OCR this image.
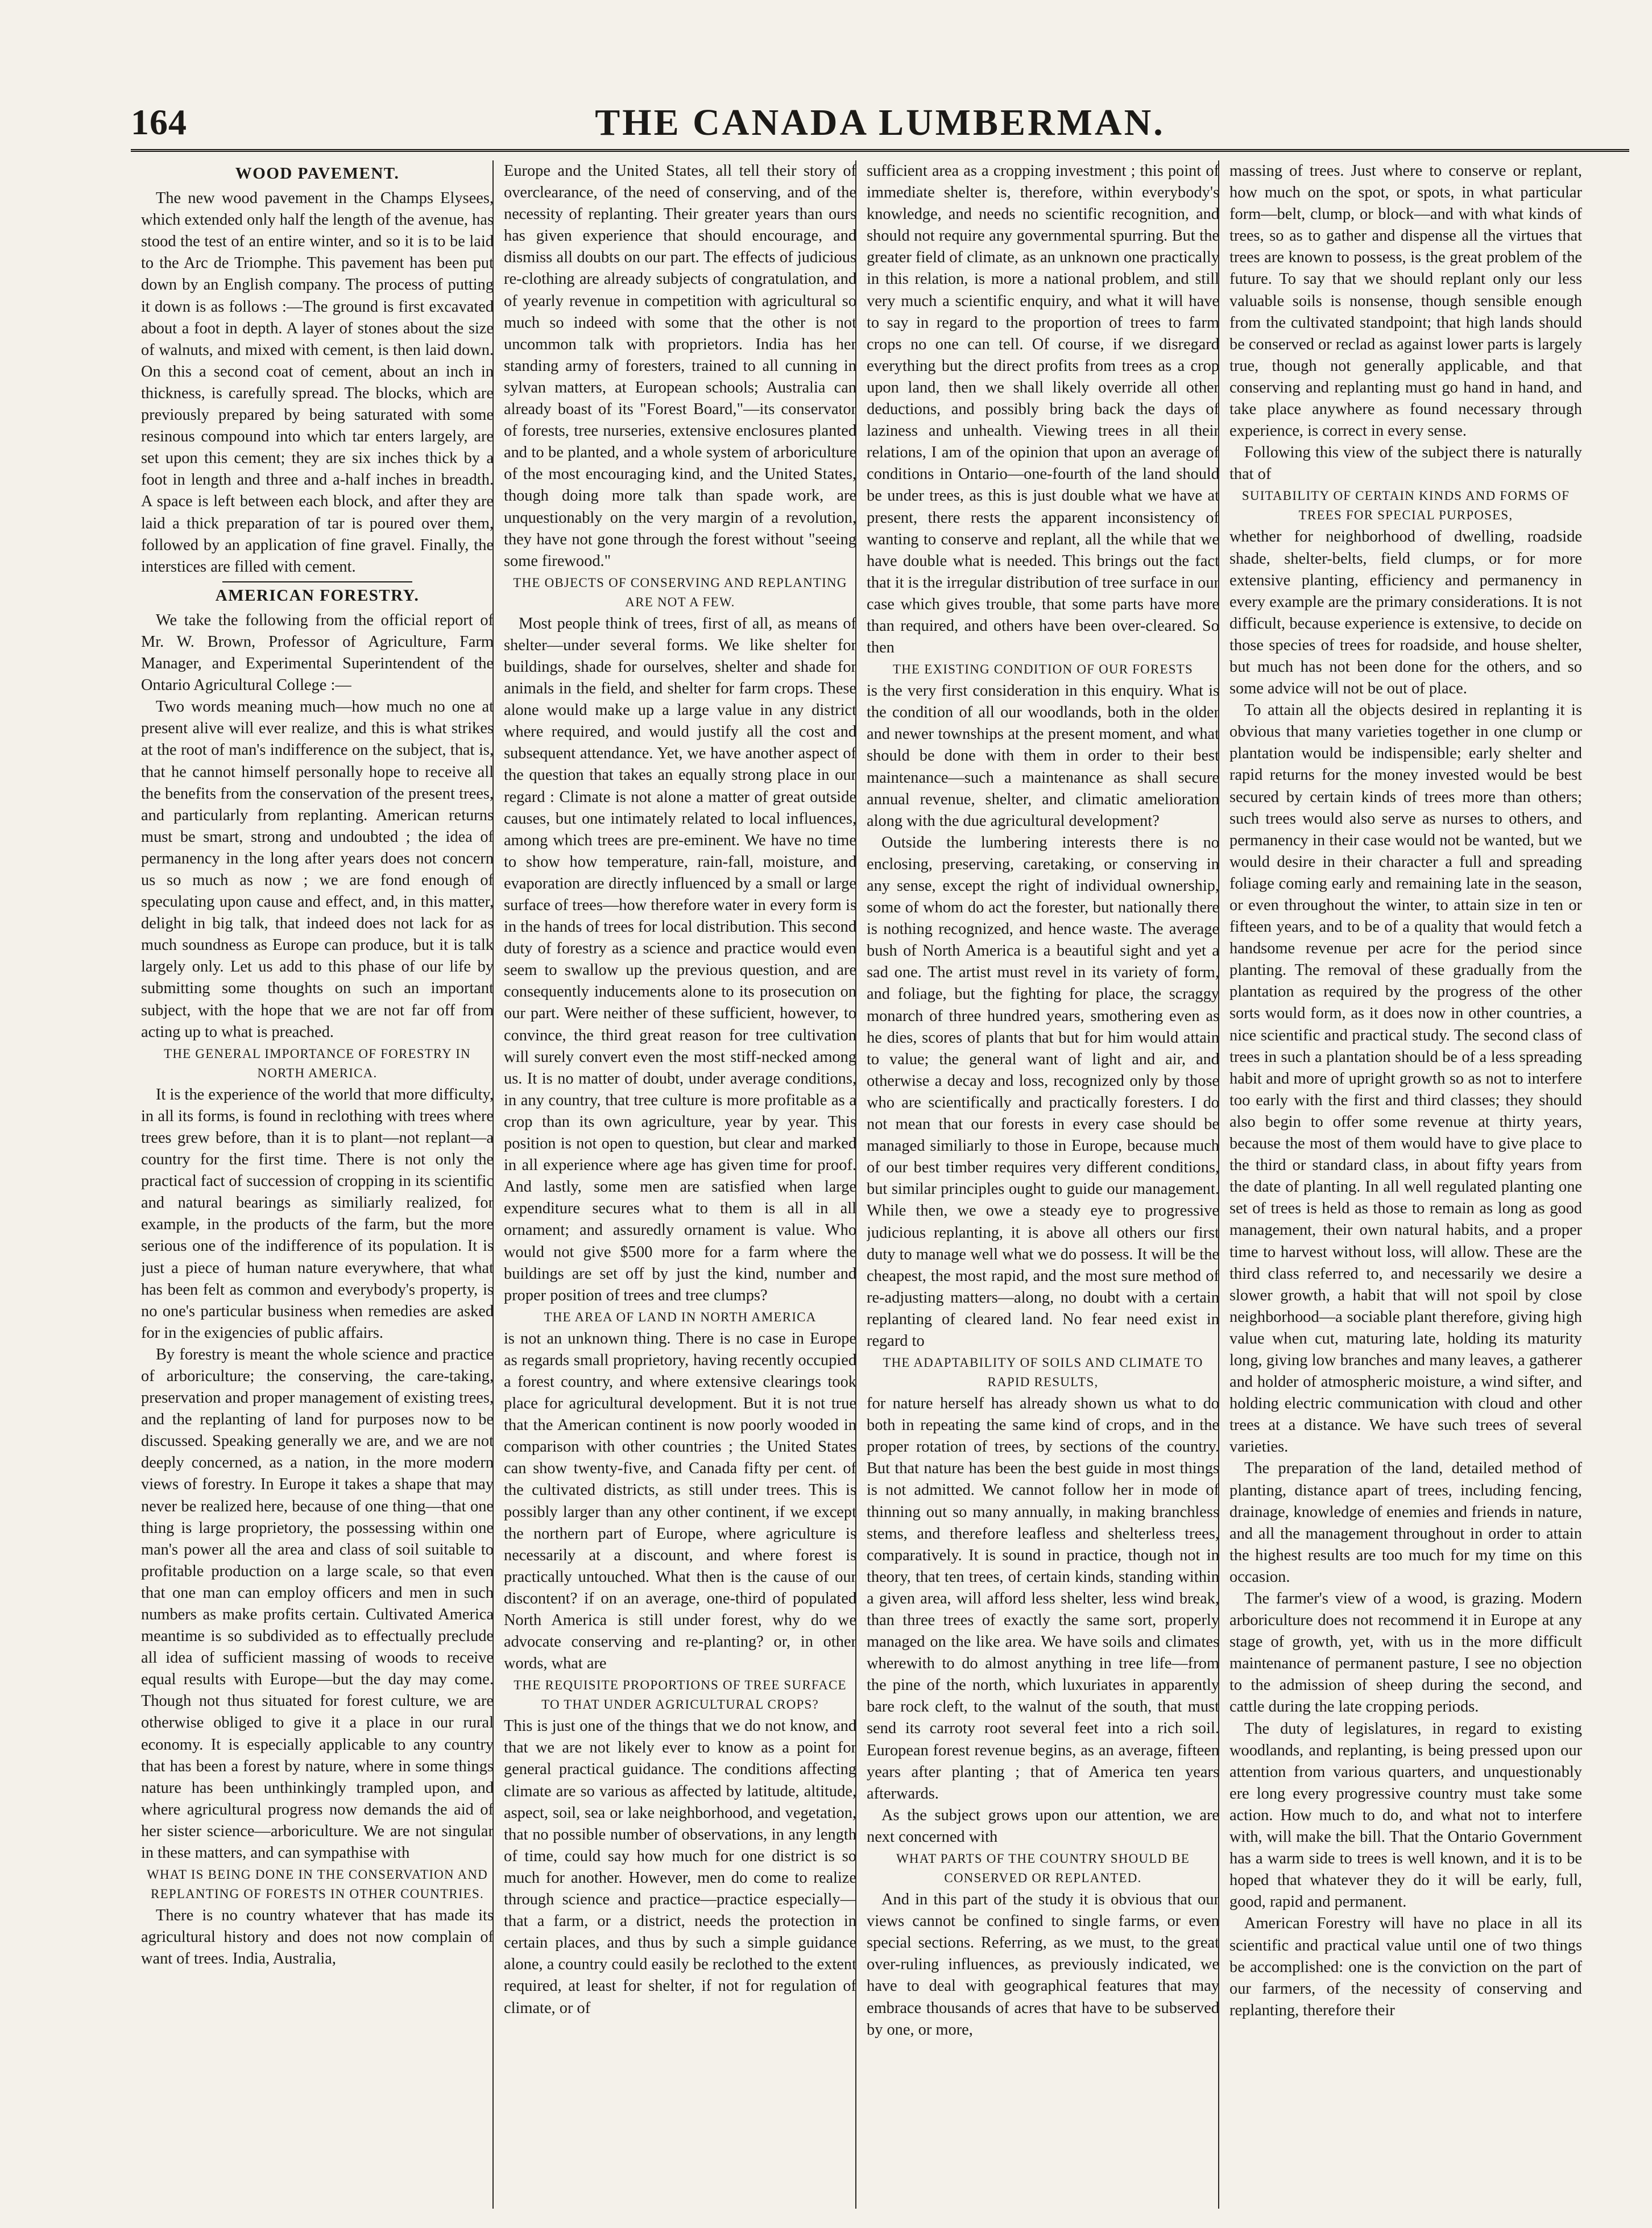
164	THE CANADA LUMBERMAN.
WOOD PAVEMENT.

The new wood pavement in the Champs Elysees, which extended only half the length of the avenue, has stood the test of an entire winter, and so it is to be laid to the Arc de Triomphe. This pavement has been put down by an English company. The process of putting it down is as follows :—The ground is first excavated about a foot in depth. A layer of stones about the size of walnuts, and mixed with cement, is then laid down. On this a second coat of cement, about an inch in thickness, is carefully spread. The blocks, which are previously prepared by being saturated with some resinous compound into which tar enters largely, are set upon this cement; they are six inches thick by a foot in length and three and a-half inches in breadth. A space is left between each block, and after they are laid a thick preparation of tar is poured over them, followed by an application of fine gravel. Finally, the interstices are filled with cement.

AMERICAN FORESTRY.

We take the following from the official report of Mr. W. Brown, Professor of Agriculture, Farm Manager, and Experimental Superintendent of the Ontario Agricultural College :—

Two words meaning much—how much no one at present alive will ever realize, and this is what strikes at the root of man's indifference on the subject, that is, that he cannot himself personally hope to receive all the benefits from the conservation of the present trees, and particularly from replanting. American returns must be smart, strong and undoubted ; the idea of permanency in the long after years does not concern us so much as now ; we are fond enough of speculating upon cause and effect, and, in this matter, delight in big talk, that indeed does not lack for as much soundness as Europe can produce, but it is talk largely only. Let us add to this phase of our life by submitting some thoughts on such an important subject, with the hope that we are not far off from acting up to what is preached.

THE GENERAL IMPORTANCE OF FORESTRY IN NORTH AMERICA.

It is the experience of the world that more difficulty, in all its forms, is found in reclothing with trees where trees grew before, than it is to plant—not replant—a country for the first time. There is not only the practical fact of succession of cropping in its scientific and natural bearings as similiarly realized, for example, in the products of the farm, but the more serious one of the indifference of its population. It is just a piece of human nature everywhere, that what has been felt as common and everybody's property, is no one's particular business when remedies are asked for in the exigencies of public affairs.

By forestry is meant the whole science and practice of arboriculture; the conserving, the care-taking, preservation and proper management of existing trees, and the replanting of land for purposes now to be discussed. Speaking generally we are, and we are not deeply concerned, as a nation, in the more modern views of forestry. In Europe it takes a shape that may never be realized here, because of one thing—that one thing is large proprietory, the possessing within one man's power all the area and class of soil suitable to profitable production on a large scale, so that even that one man can employ officers and men in such numbers as make profits certain. Cultivated America meantime is so subdivided as to effectually preclude all idea of sufficient massing of woods to receive equal results with Europe—but the day may come. Though not thus situated for forest culture, we are otherwise obliged to give it a place in our rural economy. It is especially applicable to any country that has been a forest by nature, where in some things nature has been unthinkingly trampled upon, and where agricultural progress now demands the aid of her sister science—arboriculture. We are not singular in these matters, and can sympathise with

WHAT IS BEING DONE IN THE CONSERVATION AND REPLANTING OF FORESTS IN OTHER COUNTRIES.

There is no country whatever that has made its agricultural history and does not now complain of want of trees. India, Australia,

Europe and the United States, all tell their story of overclearance, of the need of conserving, and of the necessity of replanting. Their greater years than ours has given experience that should encourage, and dismiss all doubts on our part. The effects of judicious re-clothing are already subjects of congratulation, and of yearly revenue in competition with agricultural so much so indeed with some that the other is not uncommon talk with proprietors. India has her standing army of foresters, trained to all cunning in sylvan matters, at European schools; Australia can already boast of its "Forest Board,"—its conservator of forests, tree nurseries, extensive enclosures planted and to be planted, and a whole system of arboriculture of the most encouraging kind, and the United States, though doing more talk than spade work, are unquestionably on the very margin of a revolution, they have not gone through the forest without "seeing some firewood."

THE OBJECTS OF CONSERVING AND REPLANTING ARE NOT A FEW.

Most people think of trees, first of all, as means of shelter—under several forms. We like shelter for buildings, shade for ourselves, shelter and shade for animals in the field, and shelter for farm crops. These alone would make up a large value in any district where required, and would justify all the cost and subsequent attendance. Yet, we have another aspect of the question that takes an equally strong place in our regard : Climate is not alone a matter of great outside causes, but one intimately related to local influences, among which trees are pre-eminent. We have no time to show how temperature, rain-fall, moisture, and evaporation are directly influenced by a small or large surface of trees—how therefore water in every form is in the hands of trees for local distribution. This second duty of forestry as a science and practice would even seem to swallow up the previous question, and are consequently inducements alone to its prosecution on our part. Were neither of these sufficient, however, to convince, the third great reason for tree cultivation will surely convert even the most stiff-necked among us. It is no matter of doubt, under average conditions, in any country, that tree culture is more profitable as a crop than its own agriculture, year by year. This position is not open to question, but clear and marked in all experience where age has given time for proof. And lastly, some men are satisfied when large expenditure secures what to them is all in all ornament; and assuredly ornament is value. Who would not give $500 more for a farm where the buildings are set off by just the kind, number and proper position of trees and tree clumps?

THE AREA OF LAND IN NORTH AMERICA

is not an unknown thing. There is no case in Europe as regards small proprietory, having recently occupied a forest country, and where extensive clearings took place for agricultural development. But it is not true that the American continent is now poorly wooded in comparison with other countries ; the United States can show twenty-five, and Canada fifty per cent. of the cultivated districts, as still under trees. This is possibly larger than any other continent, if we except the northern part of Europe, where agriculture is necessarily at a discount, and where forest is practically untouched. What then is the cause of our discontent? if on an average, one-third of populated North America is still under forest, why do we advocate conserving and re-planting? or, in other words, what are

THE REQUISITE PROPORTIONS OF TREE SURFACE TO THAT UNDER AGRICULTURAL CROPS?

This is just one of the things that we do not know, and that we are not likely ever to know as a point for general practical guidance. The conditions affecting climate are so various as affected by latitude, altitude, aspect, soil, sea or lake neighborhood, and vegetation, that no possible number of observations, in any length of time, could say how much for one district is so much for another. However, men do come to realize through science and practice—practice especially—that a farm, or a district, needs the protection in certain places, and thus by such a simple guidance alone, a country could easily be reclothed to the extent required, at least for shelter, if not for regulation of climate, or of

sufficient area as a cropping investment ; this point of immediate shelter is, therefore, within everybody's knowledge, and needs no scientific recognition, and should not require any governmental spurring. But the greater field of climate, as an unknown one practically in this relation, is more a national problem, and still very much a scientific enquiry, and what it will have to say in regard to the proportion of trees to farm crops no one can tell. Of course, if we disregard everything but the direct profits from trees as a crop upon land, then we shall likely override all other deductions, and possibly bring back the days of laziness and unhealth. Viewing trees in all their relations, I am of the opinion that upon an average of conditions in Ontario—one-fourth of the land should be under trees, as this is just double what we have at present, there rests the apparent inconsistency of wanting to conserve and replant, all the while that we have double what is needed. This brings out the fact that it is the irregular distribution of tree surface in our case which gives trouble, that some parts have more than required, and others have been over-cleared. So then

THE EXISTING CONDITION OF OUR FORESTS

is the very first consideration in this enquiry. What is the condition of all our woodlands, both in the older and newer townships at the present moment, and what should be done with them in order to their best maintenance—such a maintenance as shall secure annual revenue, shelter, and climatic amelioration along with the due agricultural development?

Outside the lumbering interests there is no enclosing, preserving, caretaking, or conserving in any sense, except the right of individual ownership, some of whom do act the forester, but nationally there is nothing recognized, and hence waste. The average bush of North America is a beautiful sight and yet a sad one. The artist must revel in its variety of form, and foliage, but the fighting for place, the scraggy monarch of three hundred years, smothering even as he dies, scores of plants that but for him would attain to value; the general want of light and air, and otherwise a decay and loss, recognized only by those who are scientifically and practically foresters. I do not mean that our forests in every case should be managed similiarly to those in Europe, because much of our best timber requires very different conditions, but similar principles ought to guide our management. While then, we owe a steady eye to progressive judicious replanting, it is above all others our first duty to manage well what we do possess. It will be the cheapest, the most rapid, and the most sure method of re-adjusting matters—along, no doubt with a certain replanting of cleared land. No fear need exist in regard to

THE ADAPTABILITY OF SOILS AND CLIMATE TO RAPID RESULTS,

for nature herself has already shown us what to do both in repeating the same kind of crops, and in the proper rotation of trees, by sections of the country. But that nature has been the best guide in most things is not admitted. We cannot follow her in mode of thinning out so many annually, in making branchless stems, and therefore leafless and shelterless trees, comparatively. It is sound in practice, though not in theory, that ten trees, of certain kinds, standing within a given area, will afford less shelter, less wind break, than three trees of exactly the same sort, properly managed on the like area. We have soils and climates wherewith to do almost anything in tree life—from the pine of the north, which luxuriates in apparently bare rock cleft, to the walnut of the south, that must send its carroty root several feet into a rich soil. European forest revenue begins, as an average, fifteen years after planting ; that of America ten years afterwards.

As the subject grows upon our attention, we are next concerned with

WHAT PARTS OF THE COUNTRY SHOULD BE CONSERVED OR REPLANTED.

And in this part of the study it is obvious that our views cannot be confined to single farms, or even special sections. Referring, as we must, to the great over-ruling influences, as previously indicated, we have to deal with geographical features that may embrace thousands of acres that have to be subserved by one, or more,

massing of trees. Just where to conserve or replant, how much on the spot, or spots, in what particular form—belt, clump, or block—and with what kinds of trees, so as to gather and dispense all the virtues that trees are known to possess, is the great problem of the future. To say that we should replant only our less valuable soils is nonsense, though sensible enough from the cultivated standpoint; that high lands should be conserved or reclad as against lower parts is largely true, though not generally applicable, and that conserving and replanting must go hand in hand, and take place anywhere as found necessary through experience, is correct in every sense.

Following this view of the subject there is naturally that of

SUITABILITY OF CERTAIN KINDS AND FORMS OF TREES FOR SPECIAL PURPOSES,

whether for neighborhood of dwelling, roadside shade, shelter-belts, field clumps, or for more extensive planting, efficiency and permanency in every example are the primary considerations. It is not difficult, because experience is extensive, to decide on those species of trees for roadside, and house shelter, but much has not been done for the others, and so some advice will not be out of place.

To attain all the objects desired in replanting it is obvious that many varieties together in one clump or plantation would be indispensible; early shelter and rapid returns for the money invested would be best secured by certain kinds of trees more than others; such trees would also serve as nurses to others, and permanency in their case would not be wanted, but we would desire in their character a full and spreading foliage coming early and remaining late in the season, or even throughout the winter, to attain size in ten or fifteen years, and to be of a quality that would fetch a handsome revenue per acre for the period since planting. The removal of these gradually from the plantation as required by the progress of the other sorts would form, as it does now in other countries, a nice scientific and practical study. The second class of trees in such a plantation should be of a less spreading habit and more of upright growth so as not to interfere too early with the first and third classes; they should also begin to offer some revenue at thirty years, because the most of them would have to give place to the third or standard class, in about fifty years from the date of planting. In all well regulated planting one set of trees is held as those to remain as long as good management, their own natural habits, and a proper time to harvest without loss, will allow. These are the third class referred to, and necessarily we desire a slower growth, a habit that will not spoil by close neighborhood—a sociable plant therefore, giving high value when cut, maturing late, holding its maturity long, giving low branches and many leaves, a gatherer and holder of atmospheric moisture, a wind sifter, and holding electric communication with cloud and other trees at a distance. We have such trees of several varieties.

The preparation of the land, detailed method of planting, distance apart of trees, including fencing, drainage, knowledge of enemies and friends in nature, and all the management throughout in order to attain the highest results are too much for my time on this occasion.

The farmer's view of a wood, is grazing. Modern arboriculture does not recommend it in Europe at any stage of growth, yet, with us in the more difficult maintenance of permanent pasture, I see no objection to the admission of sheep during the second, and cattle during the late cropping periods.

The duty of legislatures, in regard to existing woodlands, and replanting, is being pressed upon our attention from various quarters, and unquestionably ere long every progressive country must take some action. How much to do, and what not to interfere with, will make the bill. That the Ontario Government has a warm side to trees is well known, and it is to be hoped that whatever they do it will be early, full, good, rapid and permanent.

American Forestry will have no place in all its scientific and practical value until one of two things be accomplished: one is the conviction on the part of our farmers, of the necessity of conserving and replanting, therefore their
